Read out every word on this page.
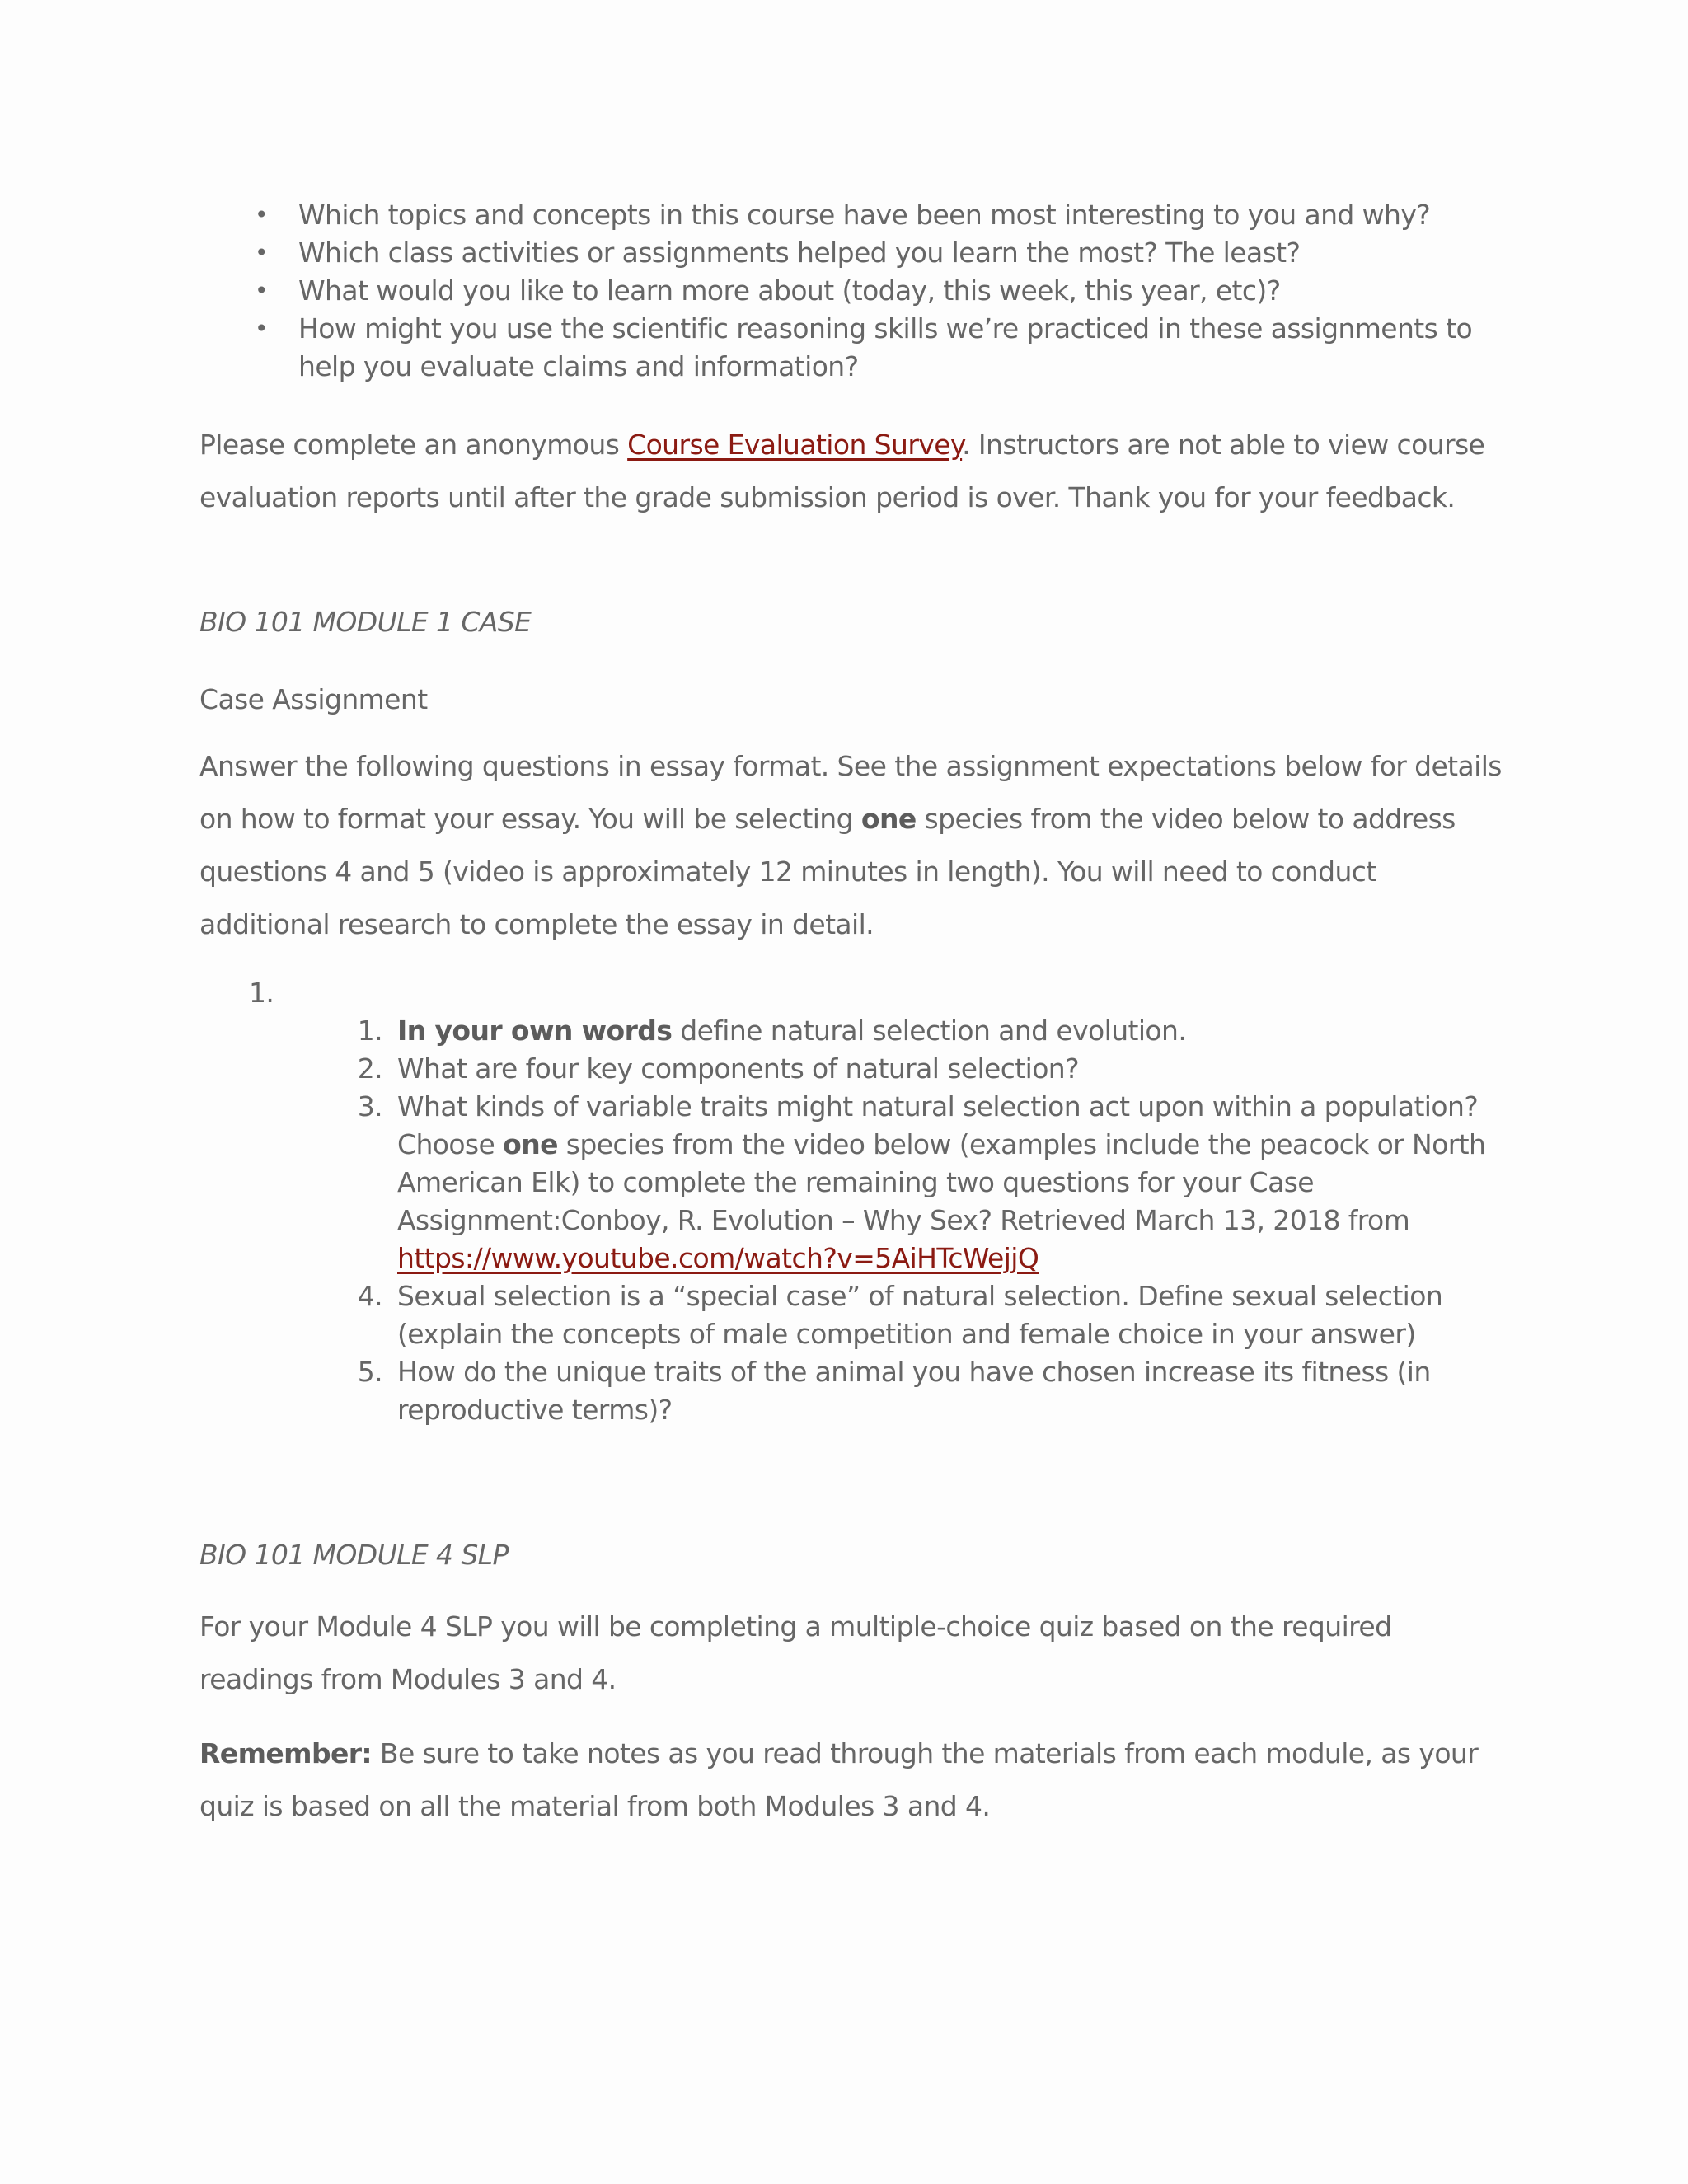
• Which topics and concepts in this course have been most interesting to you and why?
• Which class activities or assignments helped you learn the most? The least?
• What would you like to learn more about (today, this week, this year, etc)?
• How might you use the scientific reasoning skills we’re practiced in these assignments to help you evaluate claims and information?

Please complete an anonymous Course Evaluation Survey. Instructors are not able to view course evaluation reports until after the grade submission period is over. Thank you for your feedback.

BIO 101 MODULE 1 CASE

Case Assignment

Answer the following questions in essay format. See the assignment expectations below for details on how to format your essay. You will be selecting one species from the video below to address questions 4 and 5 (video is approximately 12 minutes in length). You will need to conduct additional research to complete the essay in detail.

1.
1. In your own words define natural selection and evolution.
2. What are four key components of natural selection?
3. What kinds of variable traits might natural selection act upon within a population?Choose one species from the video below (examples include the peacock or North American Elk) to complete the remaining two questions for your Case Assignment:Conboy, R. Evolution – Why Sex? Retrieved March 13, 2018 from https://www.youtube.com/watch?v=5AiHTcWejjQ
4. Sexual selection is a “special case” of natural selection. Define sexual selection (explain the concepts of male competition and female choice in your answer)
5. How do the unique traits of the animal you have chosen increase its fitness (in reproductive terms)?

BIO 101 MODULE 4 SLP

For your Module 4 SLP you will be completing a multiple-choice quiz based on the required readings from Modules 3 and 4.

Remember: Be sure to take notes as you read through the materials from each module, as your quiz is based on all the material from both Modules 3 and 4.
